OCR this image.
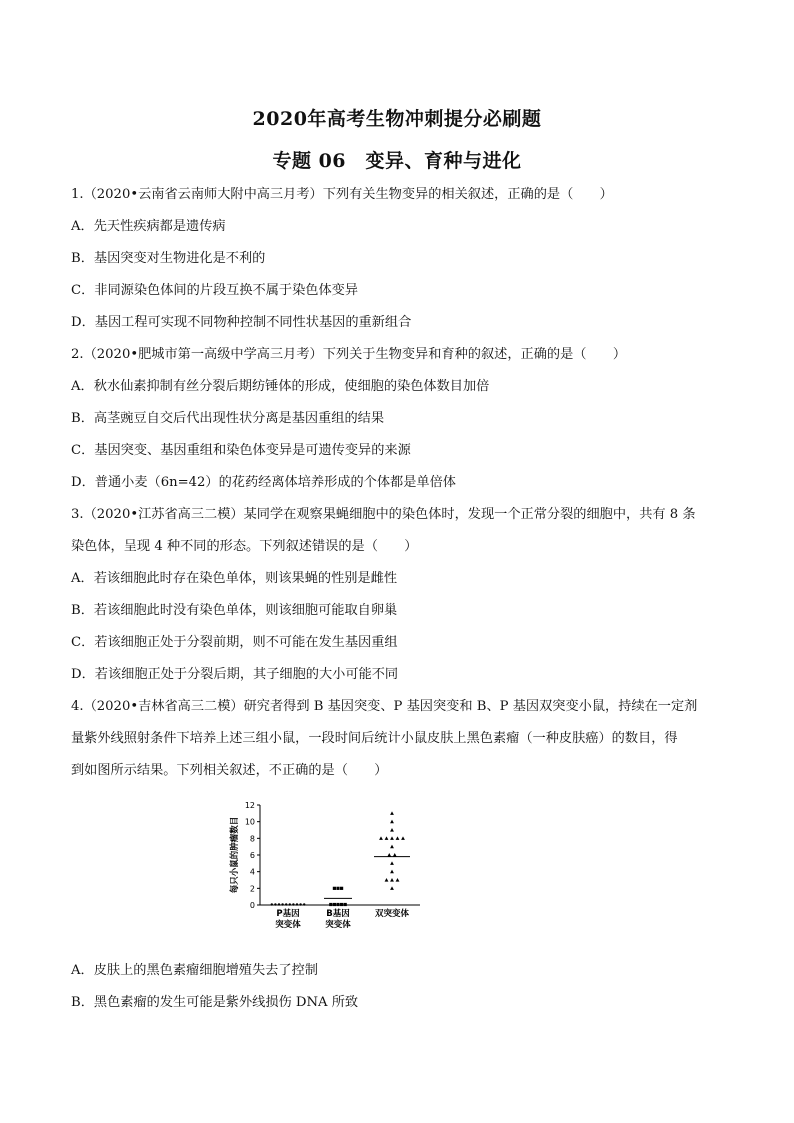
2020年高考生物冲刺提分必刷题
专题 06　变异、育种与进化
1.（2020•云南省云南师大附中高三月考）下列有关生物变异的相关叙述，正确的是（　　）
A．先天性疾病都是遗传病
B．基因突变对生物进化是不利的
C．非同源染色体间的片段互换不属于染色体变异
D．基因工程可实现不同物种控制不同性状基因的重新组合
2.（2020•肥城市第一高级中学高三月考）下列关于生物变异和育种的叙述，正确的是（　　）
A．秋水仙素抑制有丝分裂后期纺锤体的形成，使细胞的染色体数目加倍
B．高茎豌豆自交后代出现性状分离是基因重组的结果
C．基因突变、基因重组和染色体变异是可遗传变异的来源
D．普通小麦（6n=42）的花药经离体培养形成的个体都是单倍体
3.（2020•江苏省高三二模）某同学在观察果蝇细胞中的染色体时，发现一个正常分裂的细胞中，共有 8 条
染色体，呈现 4 种不同的形态。下列叙述错误的是（　　）
A．若该细胞此时存在染色单体，则该果蝇的性别是雌性
B．若该细胞此时没有染色单体，则该细胞可能取自卵巢
C．若该细胞正处于分裂前期，则不可能在发生基因重组
D．若该细胞正处于分裂后期，其子细胞的大小可能不同
4.（2020•吉林省高三二模）研究者得到 B 基因突变、P 基因突变和 B、P 基因双突变小鼠，持续在一定剂
量紫外线照射条件下培养上述三组小鼠，一段时间后统计小鼠皮肤上黑色素瘤（一种皮肤癌）的数目，得
到如图所示结果。下列相关叙述，不正确的是（　　）
0
2
4
6
8
10
12
每只小鼠的肿瘤数目
P基因
突变体
B基因
突变体
双突变体
A．皮肤上的黑色素瘤细胞增殖失去了控制
B．黑色素瘤的发生可能是紫外线损伤 DNA 所致
